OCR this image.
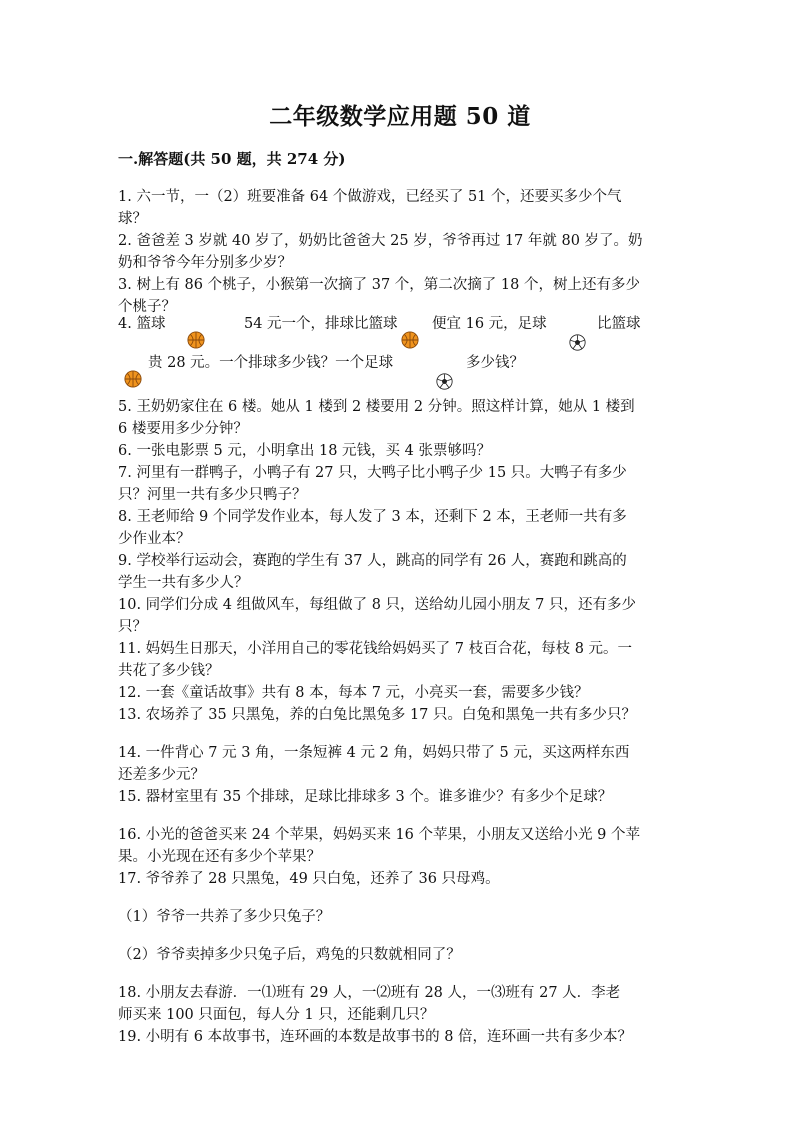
二年级数学应用题 50 道
一.解答题(共 50 题，共 274 分)
1. 六一节，一（2）班要准备 64 个做游戏，已经买了 51 个，还要买多少个气
球？
2. 爸爸差 3 岁就 40 岁了，奶奶比爸爸大 25 岁，爷爷再过 17 年就 80 岁了。奶
奶和爷爷今年分别多少岁？
3. 树上有 86 个桃子，小猴第一次摘了 37 个，第二次摘了 18 个，树上还有多少
个桃子？
4. 篮球	54 元一个，排球比篮球 便宜 16 元，足球	比篮球
贵 28 元。一个排球多少钱？一个足球	多少钱？
5. 王奶奶家住在 6 楼。她从 1 楼到 2 楼要用 2 分钟。照这样计算，她从 1 楼到
6 楼要用多少分钟？
6. 一张电影票 5 元，小明拿出 18 元钱，买 4 张票够吗？
7. 河里有一群鸭子，小鸭子有 27 只，大鸭子比小鸭子少 15 只。大鸭子有多少
只？河里一共有多少只鸭子？
8. 王老师给 9 个同学发作业本，每人发了 3 本，还剩下 2 本，王老师一共有多
少作业本？
9. 学校举行运动会，赛跑的学生有 37 人，跳高的同学有 26 人，赛跑和跳高的
学生一共有多少人？
10. 同学们分成 4 组做风车，每组做了 8 只，送给幼儿园小朋友 7 只，还有多少
只？
11. 妈妈生日那天，小洋用自己的零花钱给妈妈买了 7 枝百合花，每枝 8 元。一
共花了多少钱？
12. 一套《童话故事》共有 8 本，每本 7 元，小亮买一套，需要多少钱？
13. 农场养了 35 只黑兔，养的白兔比黑兔多 17 只。白兔和黑兔一共有多少只？
14. 一件背心 7 元 3 角，一条短裤 4 元 2 角，妈妈只带了 5 元，买这两样东西
还差多少元？
15. 器材室里有 35 个排球，足球比排球多 3 个。谁多谁少？有多少个足球？
16. 小光的爸爸买来 24 个苹果，妈妈买来 16 个苹果，小朋友又送给小光 9 个苹
果。小光现在还有多少个苹果？
17. 爷爷养了 28 只黑兔，49 只白兔，还养了 36 只母鸡。
（1）爷爷一共养了多少只兔子？
（2）爷爷卖掉多少只兔子后，鸡兔的只数就相同了？
18. 小朋友去春游．一⑴班有 29 人，一⑵班有 28 人，一⑶班有 27 人．李老
师买来 100 只面包，每人分 1 只，还能剩几只？
19. 小明有 6 本故事书，连环画的本数是故事书的 8 倍，连环画一共有多少本？
